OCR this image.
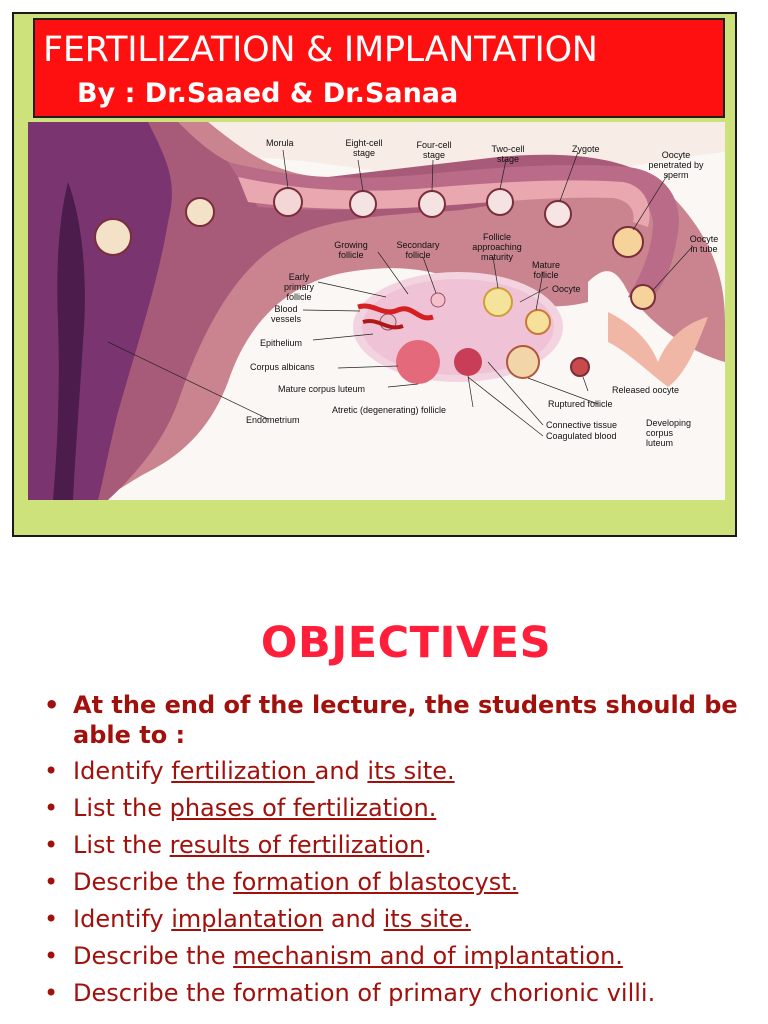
FERTILIZATION & IMPLANTATION
By : Dr.Saaed & Dr.Sanaa
Morula	Eight-cell stage
Four-cell stage
Two-cell stage
Zygote
Oocyte penetrated by sperm
Oocyte in tube
Growing follicle
Secondary follicle
Follicle approaching maturity
Mature follicle
Oocyte
Early primary follicle
Blood vessels
Epithelium
Corpus albicans
Mature corpus luteum
Atretic (degenerating) follicle
Endometrium
Released oocyte
Ruptured follicle
Connective tissue
Coagulated blood
Developing corpus luteum
OBJECTIVES
• At the end of the lecture, the students should be able to :
• Identify fertilization and its site.
• List the phases of fertilization.
• List the results of fertilization.
• Describe the formation of blastocyst.
• Identify implantation and its site.
• Describe the mechanism and of implantation.
• Describe the formation of primary chorionic villi.
